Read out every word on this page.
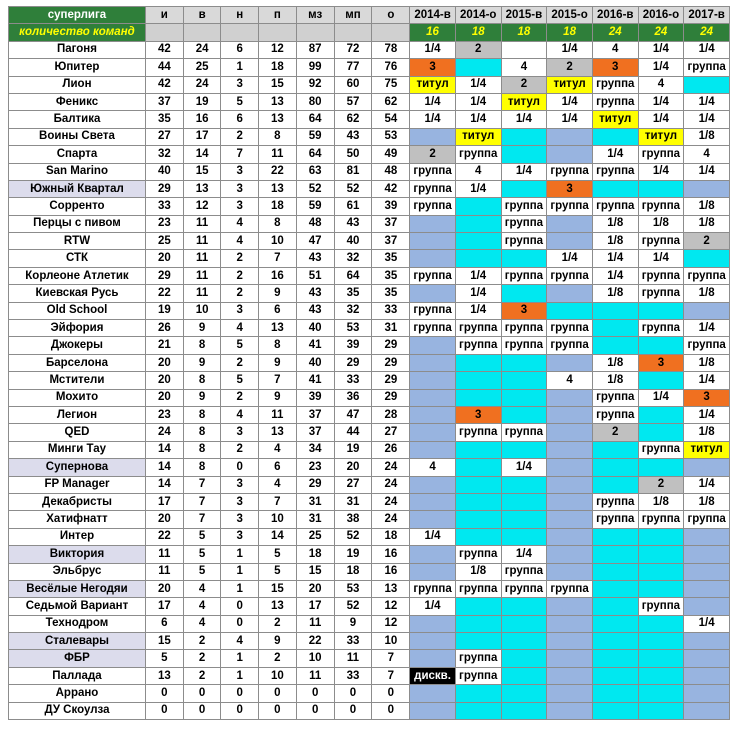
суперлига	и	в	н	п	мз	мп	о	2014-в	2014-о	2015-в	2015-о	2016-в	2016-о	2017-в
количество команд								16	18	18	18	24	24	24
Пагоня	42	24	6	12	87	72	78	1/4	2		1/4	4	1/4	1/4
Юпитер	44	25	1	18	99	77	76	3		4	2	3	1/4	группа
Лион	42	24	3	15	92	60	75	титул	1/4	2	титул	группа	4	
Феникс	37	19	5	13	80	57	62	1/4	1/4	титул	1/4	группа	1/4	1/4
Балтика	35	16	6	13	64	62	54	1/4	1/4	1/4	1/4	титул	1/4	1/4
Воины Света	27	17	2	8	59	43	53		титул				титул	1/8
Спарта	32	14	7	11	64	50	49	2	группа			1/4	группа	4
San Marino	40	15	3	22	63	81	48	группа	4	1/4	группа	группа	1/4	1/4
Южный Квартал	29	13	3	13	52	52	42	группа	1/4		3			
Сорренто	33	12	3	18	59	61	39	группа		группа	группа	группа	группа	1/8
Перцы с пивом	23	11	4	8	48	43	37			группа		1/8	1/8	1/8
RTW	25	11	4	10	47	40	37			группа		1/8	группа	2
СТК	20	11	2	7	43	32	35				1/4	1/4	1/4	
Корлеоне Атлетик	29	11	2	16	51	64	35	группа	1/4	группа	группа	1/4	группа	группа
Киевская Русь	22	11	2	9	43	35	35		1/4			1/8	группа	1/8
Old School	19	10	3	6	43	32	33	группа	1/4	3				
Эйфория	26	9	4	13	40	53	31	группа	группа	группа	группа		группа	1/4
Джокеры	21	8	5	8	41	39	29		группа	группа	группа			группа
Барселона	20	9	2	9	40	29	29					1/8	3	1/8
Мстители	20	8	5	7	41	33	29				4	1/8		1/4
Мохито	20	9	2	9	39	36	29					группа	1/4	3
Легион	23	8	4	11	37	47	28		3			группа		1/4
QED	24	8	3	13	37	44	27		группа	группа		2		1/8
Минги Тау	14	8	2	4	34	19	26						группа	титул
Супернова	14	8	0	6	23	20	24	4		1/4				
FP Manager	14	7	3	4	29	27	24						2	1/4
Декабристы	17	7	3	7	31	31	24					группа	1/8	1/8
Хатифнатт	20	7	3	10	31	38	24					группа	группа	группа
Интер	22	5	3	14	25	52	18	1/4						
Виктория	11	5	1	5	18	19	16		группа	1/4				
Эльбрус	11	5	1	5	15	18	16		1/8	группа				
Весёлые Негодяи	20	4	1	15	20	53	13	группа	группа	группа	группа			
Седьмой Вариант	17	4	0	13	17	52	12	1/4					группа	
Технодром	6	4	0	2	11	9	12							1/4
Сталевары	15	2	4	9	22	33	10							
ФБР	5	2	1	2	10	11	7		группа					
Паллада	13	2	1	10	11	33	7	дискв.	группа					
Аррано	0	0	0	0	0	0	0							
ДУ Скоулза	0	0	0	0	0	0	0							
